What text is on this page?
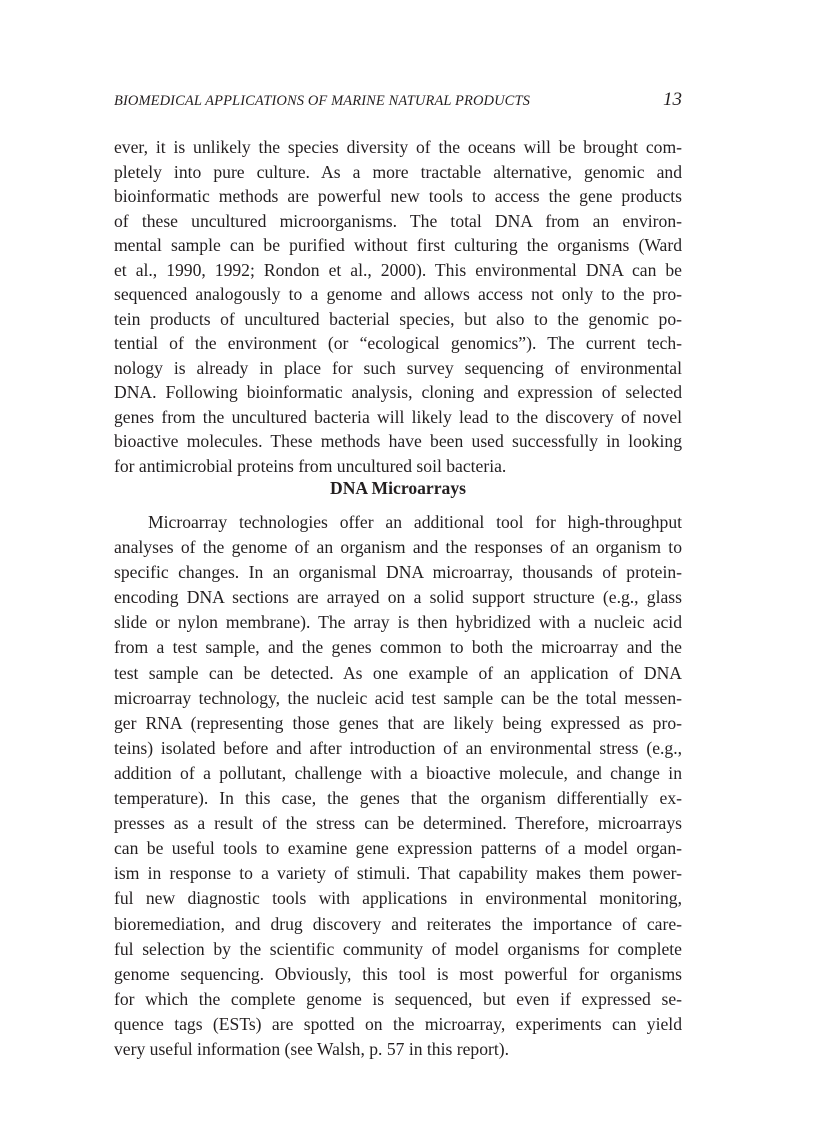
BIOMEDICAL APPLICATIONS OF MARINE NATURAL PRODUCTS	13
ever, it is unlikely the species diversity of the oceans will be brought com-
pletely into pure culture. As a more tractable alternative, genomic and
bioinformatic methods are powerful new tools to access the gene products
of these uncultured microorganisms. The total DNA from an environ-
mental sample can be purified without first culturing the organisms (Ward
et al., 1990, 1992; Rondon et al., 2000). This environmental DNA can be
sequenced analogously to a genome and allows access not only to the pro-
tein products of uncultured bacterial species, but also to the genomic po-
tential of the environment (or “ecological genomics”). The current tech-
nology is already in place for such survey sequencing of environmental
DNA. Following bioinformatic analysis, cloning and expression of selected
genes from the uncultured bacteria will likely lead to the discovery of novel
bioactive molecules. These methods have been used successfully in looking
for antimicrobial proteins from uncultured soil bacteria.
DNA Microarrays
Microarray technologies offer an additional tool for high-throughput
analyses of the genome of an organism and the responses of an organism to
specific changes. In an organismal DNA microarray, thousands of protein-
encoding DNA sections are arrayed on a solid support structure (e.g., glass
slide or nylon membrane). The array is then hybridized with a nucleic acid
from a test sample, and the genes common to both the microarray and the
test sample can be detected. As one example of an application of DNA
microarray technology, the nucleic acid test sample can be the total messen-
ger RNA (representing those genes that are likely being expressed as pro-
teins) isolated before and after introduction of an environmental stress (e.g.,
addition of a pollutant, challenge with a bioactive molecule, and change in
temperature). In this case, the genes that the organism differentially ex-
presses as a result of the stress can be determined. Therefore, microarrays
can be useful tools to examine gene expression patterns of a model organ-
ism in response to a variety of stimuli. That capability makes them power-
ful new diagnostic tools with applications in environmental monitoring,
bioremediation, and drug discovery and reiterates the importance of care-
ful selection by the scientific community of model organisms for complete
genome sequencing. Obviously, this tool is most powerful for organisms
for which the complete genome is sequenced, but even if expressed se-
quence tags (ESTs) are spotted on the microarray, experiments can yield
very useful information (see Walsh, p. 57 in this report).
